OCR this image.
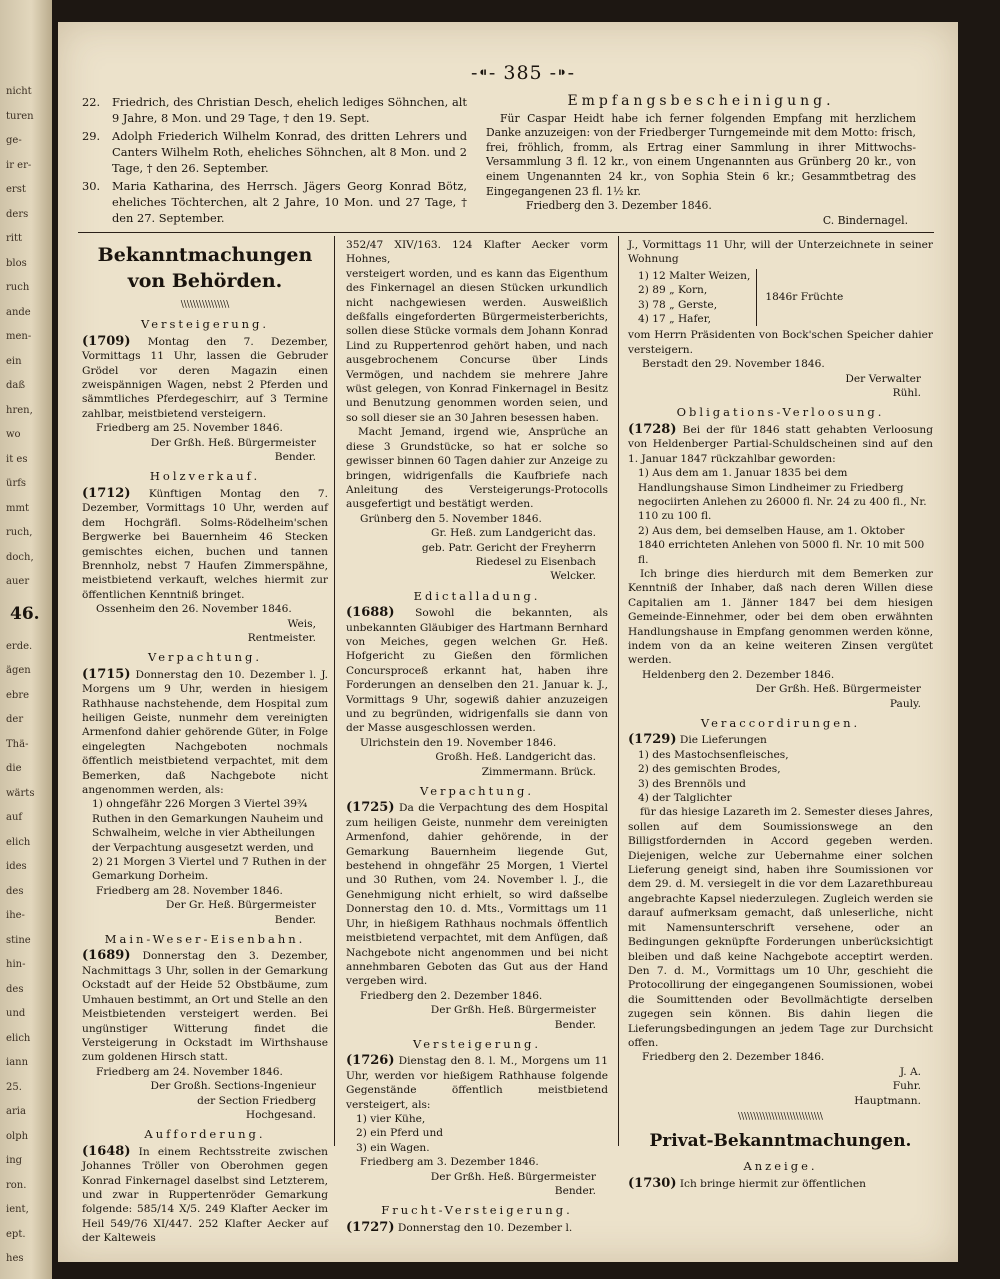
46.
nicht
turen
ge-
ir er-
erst
ders
ritt
blos
ruch
ande
men-
ein
daß
hren,
wo
it es
ürfs
mmt
ruch,
doch,
auer
erde.
ägen
ebre
der
Thä-
die
wärts
auf
elich
ides
des
ihe-
stine
hin-
des
und
elich
iann
25.
aria
olph
ing
ron.
ient,
ept.
hes
-⁌- 385 -⁍-
22.	Friedrich, des Christian Desch, ehelich lediges Söhnchen, alt 9 Jahre, 8 Mon. und 29 Tage, † den 19. Sept.
29.	Adolph Friederich Wilhelm Konrad, des dritten Lehrers und Canters Wilhelm Roth, eheliches Söhnchen, alt 8 Mon. und 2 Tage, † den 26. September.
30.	Maria Katharina, des Herrsch. Jägers Georg Konrad Bötz, eheliches Töchterchen, alt 2 Jahre, 10 Mon. und 27 Tage, † den 27. September.
Empfangsbescheinigung.

Für Caspar Heidt habe ich ferner folgenden Empfang mit herzlichem Danke anzuzeigen: von der Friedberger Turngemeinde mit dem Motto: frisch, frei, fröhlich, fromm, als Ertrag einer Sammlung in ihrer Mittwochs-Versammlung 3 fl. 12 kr., von einem Ungenannten aus Grünberg 20 kr., von einem Ungenannten 24 kr., von Sophia Stein 6 kr.; Gesammtbetrag des Eingegangenen 23 fl. 1½ kr.

Friedberg den 3. Dezember 1846.
C. Bindernagel.
Bekanntmachungen von Behörden.
\\\\\\\\\\\\\\\\
Versteigerung.

(1709) Montag den 7. Dezember, Vormittags 11 Uhr, lassen die Gebruder Grödel vor deren Magazin einen zweispännigen Wagen, nebst 2 Pferden und sämmtliches Pferdegeschirr, auf 3 Termine zahlbar, meistbietend versteigern.

Friedberg am 25. November 1846.
Der Grßh. Heß. Bürgermeister
Bender.
Holzverkauf.

(1712) Künftigen Montag den 7. Dezember, Vormittags 10 Uhr, werden auf dem Hochgräfl. Solms-Rödelheim'schen Bergwerke bei Bauernheim 46 Stecken gemischtes eichen, buchen und tannen Brennholz, nebst 7 Haufen Zimmerspähne, meistbietend verkauft, welches hiermit zur öffentlichen Kenntniß bringet.

Ossenheim den 26. November 1846.
Weis,
Rentmeister.
Verpachtung.

(1715) Donnerstag den 10. Dezember l. J. Morgens um 9 Uhr, werden in hiesigem Rathhause nachstehende, dem Hospital zum heiligen Geiste, nunmehr dem vereinigten Armenfond dahier gehörende Güter, in Folge eingelegten Nachgeboten nochmals öffentlich meistbietend verpachtet, mit dem Bemerken, daß Nachgebote nicht angenommen werden, als:

1) ohngefähr 226 Morgen 3 Viertel 39¾ Ruthen in den Gemarkungen Nauheim und Schwalheim, welche in vier Abtheilungen der Verpachtung ausgesetzt werden, und
2) 21 Morgen 3 Viertel und 7 Ruthen in der Gemarkung Dorheim.
Friedberg am 28. November 1846.
Der Gr. Heß. Bürgermeister
Bender.
Main-Weser-Eisenbahn.

(1689) Donnerstag den 3. Dezember, Nachmittags 3 Uhr, sollen in der Gemarkung Ockstadt auf der Heide 52 Obstbäume, zum Umhauen bestimmt, an Ort und Stelle an den Meistbietenden versteigert werden. Bei ungünstiger Witterung findet die Versteigerung in Ockstadt im Wirthshause zum goldenen Hirsch statt.

Friedberg am 24. November 1846.
Der Großh. Sections-Ingenieur
der Section Friedberg
Hochgesand.
Aufforderung.

(1648) In einem Rechtsstreite zwischen Johannes Tröller von Oberohmen gegen Konrad Finkernagel daselbst sind Letzterem, und zwar in Ruppertenröder Gemarkung folgende: 585/14 X/5. 249 Klafter Aecker im Heil 549/76 XI/447. 252 Klafter Aecker auf der Kalteweis

352/47 XIV/163. 124 Klafter Aecker vorm Hohnes,

versteigert worden, und es kann das Eigenthum des Finkernagel an diesen Stücken urkundlich nicht nachgewiesen werden. Ausweißlich deßfalls eingeforderten Bürgermeisterberichts, sollen diese Stücke vormals dem Johann Konrad Lind zu Ruppertenrod gehört haben, und nach ausgebrochenem Concurse über Linds Vermögen, und nachdem sie mehrere Jahre wüst gelegen, von Konrad Finkernagel in Besitz und Benutzung genommen worden seien, und so soll dieser sie an 30 Jahren besessen haben.

Macht Jemand, irgend wie, Ansprüche an diese 3 Grundstücke, so hat er solche so gewisser binnen 60 Tagen dahier zur Anzeige zu bringen, widrigenfalls die Kaufbriefe nach Anleitung des Versteigerungs-Protocolls ausgefertigt und bestätigt werden.

Grünberg den 5. November 1846.
Gr. Heß. zum Landgericht das.
geb. Patr. Gericht der Freyherrn
Riedesel zu Eisenbach
Welcker.
Edictalladung.

(1688) Sowohl die bekannten, als unbekannten Gläubiger des Hartmann Bernhard von Meiches, gegen welchen Gr. Heß. Hofgericht zu Gießen den förmlichen Concursproceß erkannt hat, haben ihre Forderungen an denselben den 21. Januar k. J., Vormittags 9 Uhr, sogewiß dahier anzuzeigen und zu begründen, widrigenfalls sie dann von der Masse ausgeschlossen werden.

Ulrichstein den 19. November 1846.
Großh. Heß. Landgericht das.
Zimmermann. Brück.
Verpachtung.

(1725) Da die Verpachtung des dem Hospital zum heiligen Geiste, nunmehr dem vereinigten Armenfond, dahier gehörende, in der Gemarkung Bauernheim liegende Gut, bestehend in ohngefähr 25 Morgen, 1 Viertel und 30 Ruthen, vom 24. November l. J., die Genehmigung nicht erhielt, so wird daßselbe Donnerstag den 10. d. Mts., Vormittags um 11 Uhr, in hießigem Rathhaus nochmals öffentlich meistbietend verpachtet, mit dem Anfügen, daß Nachgebote nicht angenommen und bei nicht annehmbaren Geboten das Gut aus der Hand vergeben wird.

Friedberg den 2. Dezember 1846.
Der Grßh. Heß. Bürgermeister
Bender.
Versteigerung.

(1726) Dienstag den 8. l. M., Morgens um 11 Uhr, werden vor hießigem Rathhause folgende Gegenstände öffentlich meistbietend versteigert, als:

1) vier Kühe,
2) ein Pferd und
3) ein Wagen.
Friedberg am 3. Dezember 1846.
Der Grßh. Heß. Bürgermeister
Bender.
Frucht-Versteigerung.

(1727) Donnerstag den 10. Dezember l.

J., Vormittags 11 Uhr, will der Unterzeichnete in seiner Wohnung

1) 12 Malter Weizen,
2) 89 „ Korn,
3) 78 „ Gerste,
4) 17 „ Hafer,
1846r Früchte

vom Herrn Präsidenten von Bock'schen Speicher dahier versteigern.

Berstadt den 29. November 1846.
Der Verwalter
Rühl.
Obligations-Verloosung.

(1728) Bei der für 1846 statt gehabten Verloosung von Heldenberger Partial-Schuldscheinen sind auf den 1. Januar 1847 rückzahlbar geworden:

1) Aus dem am 1. Januar 1835 bei dem Handlungshause Simon Lindheimer zu Friedberg negociirten Anlehen zu 26000 fl. Nr. 24 zu 400 fl., Nr. 110 zu 100 fl.
2) Aus dem, bei demselben Hause, am 1. Oktober 1840 errichteten Anlehen von 5000 fl. Nr. 10 mit 500 fl.

Ich bringe dies hierdurch mit dem Bemerken zur Kenntniß der Inhaber, daß nach deren Willen diese Capitalien am 1. Jänner 1847 bei dem hiesigen Gemeinde-Einnehmer, oder bei dem oben erwähnten Handlungshause in Empfang genommen werden könne, indem von da an keine weiteren Zinsen vergütet werden.

Heldenberg den 2. Dezember 1846.
Der Grßh. Heß. Bürgermeister
Pauly.
Veraccordirungen.

(1729) Die Lieferungen

1) des Mastochsenfleisches,
2) des gemischten Brodes,
3) des Brennöls und
4) der Talglichter

für das hiesige Lazareth im 2. Semester dieses Jahres, sollen auf dem Soumissionswege an den Billigstfordernden in Accord gegeben werden. Diejenigen, welche zur Uebernahme einer solchen Lieferung geneigt sind, haben ihre Soumissionen vor dem 29. d. M. versiegelt in die vor dem Lazarethbureau angebrachte Kapsel niederzulegen. Zugleich werden sie darauf aufmerksam gemacht, daß unleserliche, nicht mit Namensunterschrift versehene, oder an Bedingungen geknüpfte Forderungen unberücksichtigt bleiben und daß keine Nachgebote acceptirt werden. Den 7. d. M., Vormittags um 10 Uhr, geschieht die Protocollirung der eingegangenen Soumissionen, wobei die Soumittenden oder Bevollmächtigte derselben zugegen sein können. Bis dahin liegen die Lieferungsbedingungen an jedem Tage zur Durchsicht offen.

Friedberg den 2. Dezember 1846.
J. A.
Fuhr.
Hauptmann.
\\\\\\\\\\\\\\\\\\\\\\\\\\\\
Privat-Bekanntmachungen.
Anzeige.

(1730) Ich bringe hiermit zur öffentlichen
